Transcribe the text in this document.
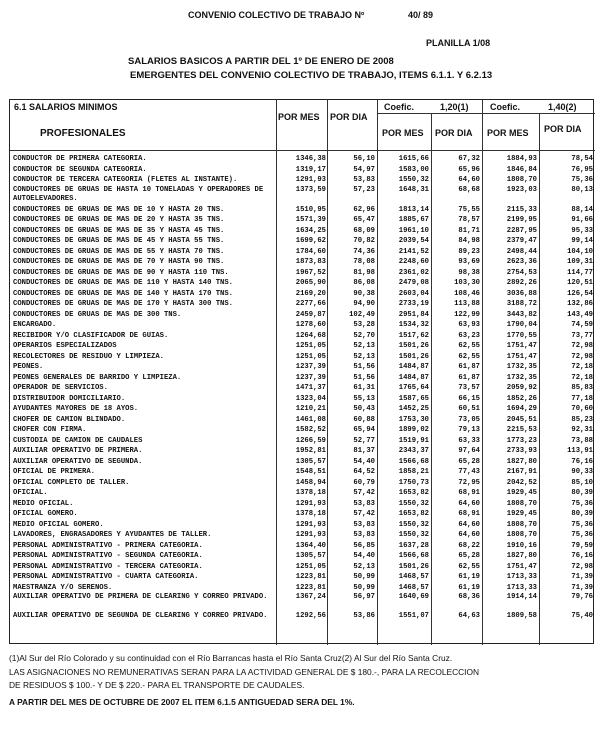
CONVENIO COLECTIVO DE TRABAJO Nº	40/ 89
PLANILLA 1/08
SALARIOS BASICOS A PARTIR DEL 1º DE ENERO DE 2008
EMERGENTES DEL CONVENIO COLECTIVO DE TRABAJO, ITEMS 6.1.1. Y 6.2.13
6.1 SALARIOS MINIMOS
PROFESIONALES
POR MES POR DIA
Coefic.	1,20(1) Coefic.	1,40(2)
POR MES POR DIA POR MES POR DIA
CONDUCTOR DE PRIMERA CATEGORIA.	1346,38	56,10	1615,66	67,32	1884,93	78,54
CONDUCTOR DE SEGUNDA CATEGORIA.	1319,17	54,97	1583,00	65,96	1846,84	76,95
CONDUCTOR DE TERCERA CATEGORIA (FLETES AL INSTANTE).	1291,93	53,83	1550,32	64,60	1808,70	75,36
CONDUCTORES DE GRUAS DE HASTA 10 TONELADAS Y OPERADORES DE AUTOELEVADORES.
1373,59	57,23	1648,31	68,68	1923,03	80,13
CONDUCTORES DE GRUAS DE MAS DE 10 Y HASTA 20 TNS.	1510,95	62,96	1813,14	75,55	2115,33	88,14
CONDUCTORES DE GRUAS DE MAS DE 20 Y HASTA 35 TNS.	1571,39	65,47	1885,67	78,57	2199,95	91,66
CONDUCTORES DE GRUAS DE MAS DE 35 Y HASTA 45 TNS.	1634,25	68,09	1961,10	81,71	2287,95	95,33
CONDUCTORES DE GRUAS DE MAS DE 45 Y HASTA 55 TNS.	1699,62	70,82	2039,54	84,98	2379,47	99,14
CONDUCTORES DE GRUAS DE MAS DE 55 Y HASTA 70 TNS.	1784,60	74,36	2141,52	89,23	2498,44	104,10
CONDUCTORES DE GRUAS DE MAS DE 70 Y HASTA 90 TNS.	1873,83	78,08	2248,60	93,69	2623,36	109,31
CONDUCTORES DE GRUAS DE MAS DE 90 Y HASTA 110 TNS.	1967,52	81,98	2361,02	98,38	2754,53	114,77
CONDUCTORES DE GRUAS DE MAS DE 110 Y HASTA 140 TNS.	2065,90	86,08	2479,08	103,30	2892,26	120,51
CONDUCTORES DE GRUAS DE MAS DE 140 Y HASTA 170 TNS.	2169,20	90,38	2603,04	108,46	3036,88	126,54
CONDUCTORES DE GRUAS DE MAS DE 170 Y HASTA 300 TNS.	2277,66	94,90	2733,19	113,88	3188,72	132,86
CONDUCTORES DE GRUAS DE MAS DE 300 TNS.	2459,87	102,49	2951,84	122,99	3443,82	143,49
ENCARGADO.	1278,60	53,28	1534,32	63,93	1790,04	74,59
RECIBIDOR Y/O CLASIFICADOR DE GUIAS.	1264,68	52,70	1517,62	63,23	1770,55	73,77
OPERARIOS ESPECIALIZADOS	1251,05	52,13	1501,26	62,55	1751,47	72,98
RECOLECTORES DE RESIDUO Y LIMPIEZA.	1251,05	52,13	1501,26	62,55	1751,47	72,98
PEONES.	1237,39	51,56	1484,87	61,87	1732,35	72,18
PEONES GENERALES DE BARRIDO Y LIMPIEZA.	1237,39	51,56	1484,87	61,87	1732,35	72,18
OPERADOR DE SERVICIOS.	1471,37	61,31	1765,64	73,57	2059,92	85,83
DISTRIBUIDOR DOMICILIARIO.	1323,04	55,13	1587,65	66,15	1852,26	77,18
AYUDANTES MAYORES DE 18 AYOS.	1210,21	50,43	1452,25	60,51	1694,29	70,60
CHOFER DE CAMION BLINDADO.	1461,08	60,88	1753,30	73,05	2045,51	85,23
CHOFER CON FIRMA.	1582,52	65,94	1899,02	79,13	2215,53	92,31
CUSTODIA DE CAMION DE CAUDALES	1266,59	52,77	1519,91	63,33	1773,23	73,88
AUXILIAR OPERATIVO DE PRIMERA.	1952,81	81,37	2343,37	97,64	2733,93	113,91
AUXILIAR OPERATIVO DE SEGUNDA.	1305,57	54,40	1566,68	65,28	1827,80	76,16
OFICIAL DE PRIMERA.	1548,51	64,52	1858,21	77,43	2167,91	90,33
OFICIAL COMPLETO DE TALLER.	1458,94	60,79	1750,73	72,95	2042,52	85,10
OFICIAL.	1378,18	57,42	1653,82	68,91	1929,45	80,39
MEDIO OFICIAL.	1291,93	53,83	1550,32	64,60	1808,70	75,36
OFICIAL GOMERO.	1378,18	57,42	1653,82	68,91	1929,45	80,39
MEDIO OFICIAL GOMERO.	1291,93	53,83	1550,32	64,60	1808,70	75,36
LAVADORES, ENGRASADORES Y AYUDANTES DE TALLER.	1291,93	53,83	1550,32	64,60	1808,70	75,36
PERSONAL ADMINISTRATIVO - PRIMERA CATEGORIA.	1364,40	56,85	1637,28	68,22	1910,16	79,59
PERSONAL ADMINISTRATIVO - SEGUNDA CATEGORIA.	1305,57	54,40	1566,68	65,28	1827,80	76,16
PERSONAL ADMINISTRATIVO - TERCERA CATEGORIA.	1251,05	52,13	1501,26	62,55	1751,47	72,98
PERSONAL ADMINISTRATIVO - CUARTA CATEGORIA.	1223,81	50,99	1468,57	61,19	1713,33	71,39
MAESTRANZA Y/O SERENOS.	1223,81	50,99	1468,57	61,19	1713,33	71,39
AUXILIAR OPERATIVO DE PRIMERA DE CLEARING Y CORREO PRIVADO.	1367,24	56,97	1640,69	68,36	1914,14	79,76
AUXILIAR OPERATIVO DE SEGUNDA DE CLEARING Y CORREO PRIVADO.	1292,56	53,86	1551,07	64,63	1809,58	75,40
(1)Al Sur del Río Colorado y su continuidad con el Río Barrancas hasta el Río Santa Cruz(2) Al Sur del Río Santa Cruz.
LAS ASIGNACIONES NO REMUNERATIVAS SERAN PARA LA ACTIVIDAD GENERAL DE $ 180.-, PARA LA RECOLECCION
DE RESIDUOS $ 100.- Y DE $ 220.- PARA EL TRANSPORTE DE CAUDALES.
A PARTIR DEL MES DE OCTUBRE DE 2007 EL ITEM 6.1.5 ANTIGUEDAD SERA DEL 1%.
